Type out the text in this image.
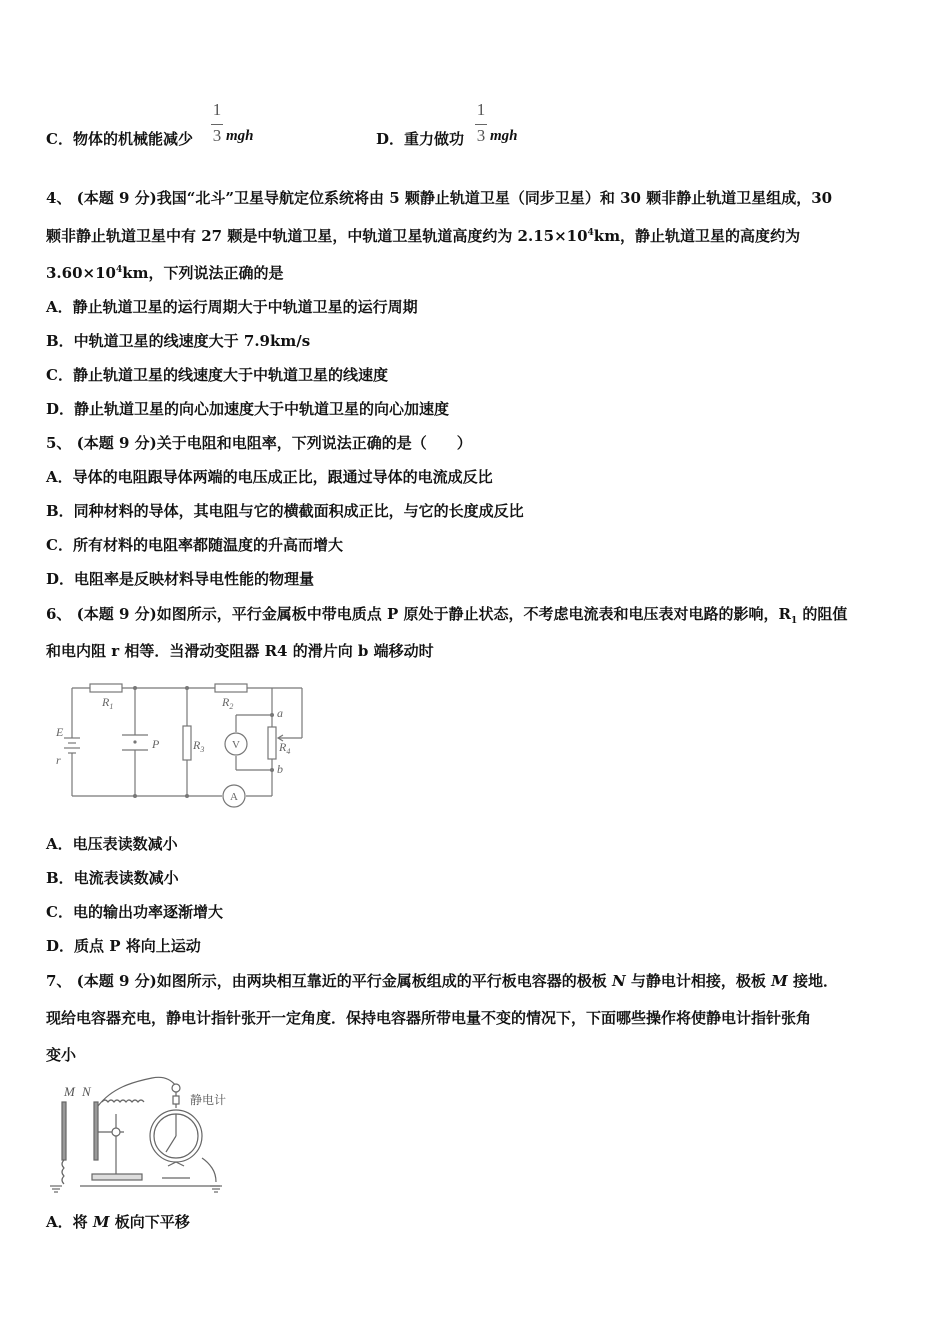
C．物体的机械能减少
1
3 mgh	D．重力做功
1
3 mgh
4、 (本题 9 分)我国“北斗”卫星导航定位系统将由 5 颗静止轨道卫星（同步卫星）和 30 颗非静止轨道卫星组成，30
颗非静止轨道卫星中有 27 颗是中轨道卫星，中轨道卫星轨道高度约为 $2.15\times 10^4km$，静止轨道卫星的高度约为
$3.60\times 10^4km$，下列说法正确的是
A．静止轨道卫星的运行周期大于中轨道卫星的运行周期
B．中轨道卫星的线速度大于 7.9km/s
C．静止轨道卫星的线速度大于中轨道卫星的线速度
D．静止轨道卫星的向心加速度大于中轨道卫星的向心加速度
5、 (本题 9 分)关于电阻和电阻率，下列说法正确的是（　　）
A．导体的电阻跟导体两端的电压成正比，跟通过导体的电流成反比
B．同种材料的导体，其电阻与它的横截面积成正比，与它的长度成反比
C．所有材料的电阻率都随温度的升高而增大
D．电阻率是反映材料导电性能的物理量
6、 (本题 9 分)如图所示，平行金属板中带电质点 P 原处于静止状态，不考虑电流表和电压表对电路的影响，$R_1$ 的阻值
和电内阻 r 相等．当滑动变阻器 R4 的滑片向 b 端移动时
$R_1$	$R_2$
$R_3$	$R_4$
E
r
P
a
b
V
A
A．电压表读数减小
B．电流表读数减小
C．电的输出功率逐渐增大
D．质点 P 将向上运动
7、 (本题 9 分)如图所示，由两块相互靠近的平行金属板组成的平行板电容器的极板 N 与静电计相接，极板 M 接地．
现给电容器充电，静电计指针张开一定角度．保持电容器所带电量不变的情况下，下面哪些操作将使静电计指针张角
变小
M N
静电计
A．将 M 板向下平移
